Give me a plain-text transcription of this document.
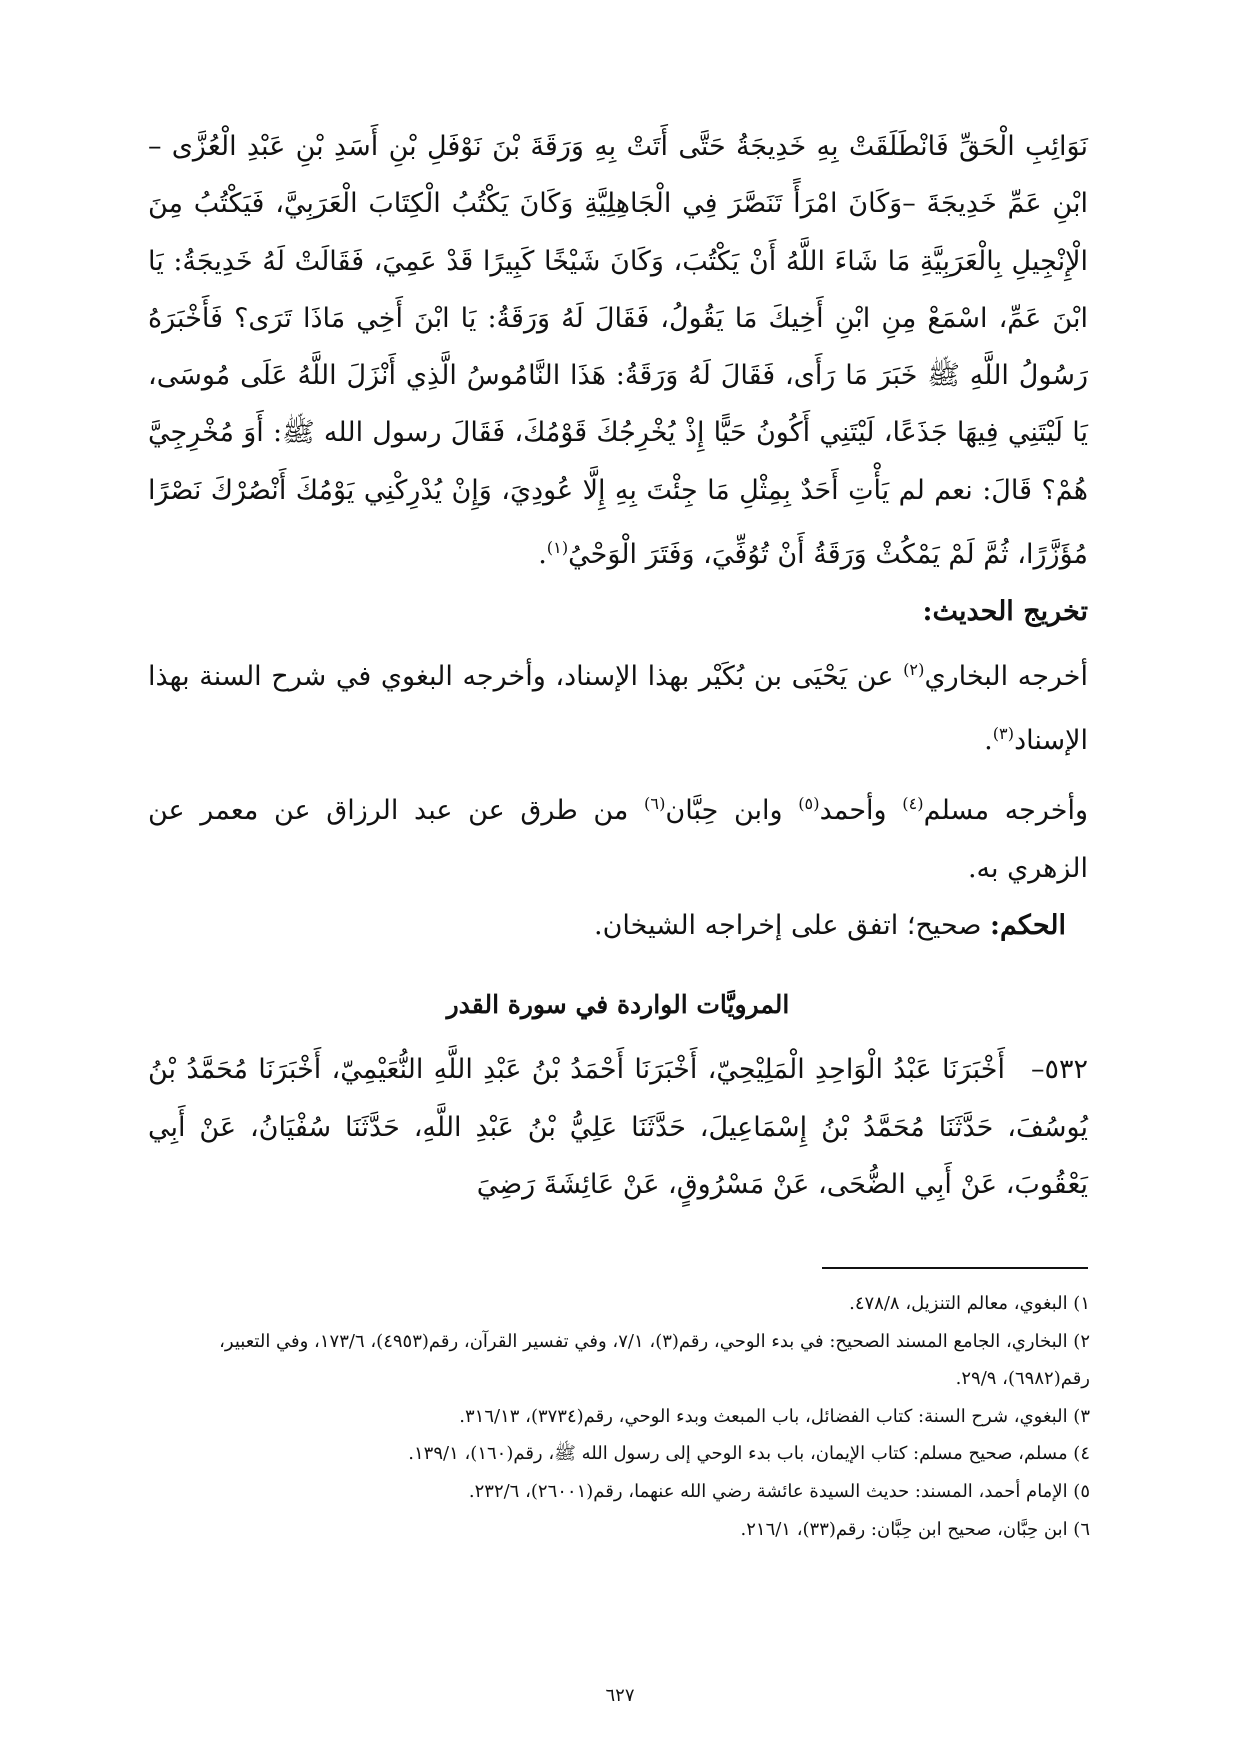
نَوَائِبِ الْحَقِّ فَانْطَلَقَتْ بِهِ خَدِيجَةُ حَتَّى أَتَتْ بِهِ وَرَقَةَ بْنَ نَوْفَلِ بْنِ أَسَدِ بْنِ عَبْدِ الْعُزَّى –ابْنِ عَمِّ خَدِيجَةَ –وَكَانَ امْرَأً تَنَصَّرَ فِي الْجَاهِلِيَّةِ وَكَانَ يَكْتُبُ الْكِتَابَ الْعَرَبِيَّ، فَيَكْتُبُ مِنَ الْإِنْجِيلِ بِالْعَرَبِيَّةِ مَا شَاءَ اللَّهُ أَنْ يَكْتُبَ، وَكَانَ شَيْخًا كَبِيرًا قَدْ عَمِيَ، فَقَالَتْ لَهُ خَدِيجَةُ: يَا ابْنَ عَمِّ، اسْمَعْ مِنِ ابْنِ أَخِيكَ مَا يَقُولُ، فَقَالَ لَهُ وَرَقَةُ: يَا ابْنَ أَخِي مَاذَا تَرَى؟ فَأَخْبَرَهُ رَسُولُ اللَّهِ ﷺ خَبَرَ مَا رَأَى، فَقَالَ لَهُ وَرَقَةُ: هَذَا النَّامُوسُ الَّذِي أَنْزَلَ اللَّهُ عَلَى مُوسَى، يَا لَيْتَنِي فِيهَا جَذَعًا، لَيْتَنِي أَكُونُ حَيًّا إِذْ يُخْرِجُكَ قَوْمُكَ، فَقَالَ رسول الله ﷺ: أَوَ مُخْرِجِيَّ هُمْ؟ قَالَ: نعم لم يَأْتِ أَحَدٌ بِمِثْلِ مَا جِئْتَ بِهِ إِلَّا عُودِيَ، وَإِنْ يُدْرِكْنِي يَوْمُكَ أَنْصُرْكَ نَصْرًا مُؤَزَّرًا، ثُمَّ لَمْ يَمْكُثْ وَرَقَةُ أَنْ تُوُفِّيَ، وَفَتَرَ الْوَحْيُ$^{(١)}$.

تخريج الحديث:

أخرجه البخاري$^{(٢)}$ عن يَحْيَى بن بُكَيْر بهذا الإسناد، وأخرجه البغوي في شرح السنة بهذا الإسناد$^{(٣)}$.

وأخرجه مسلم$^{(٤)}$ وأحمد$^{(٥)}$ وابن حِبَّان$^{(٦)}$ من طرق عن عبد الرزاق عن معمر عن الزهري به.

الحكم: صحيح؛ اتفق على إخراجه الشيخان.

المرويَّات الواردة في سورة القدر

٥٣٢–أَخْبَرَنَا عَبْدُ الْوَاحِدِ الْمَلِيْحِيّ، أَخْبَرَنَا أَحْمَدُ بْنُ عَبْدِ اللَّهِ النُّعَيْمِيّ، أَخْبَرَنَا مُحَمَّدُ بْنُ يُوسُفَ، حَدَّثَنَا مُحَمَّدُ بْنُ إِسْمَاعِيلَ، حَدَّثَنَا عَلِيُّ بْنُ عَبْدِ اللَّهِ، حَدَّثَنَا سُفْيَانُ، عَنْ أَبِي يَعْقُوبَ، عَنْ أَبِي الضُّحَى، عَنْ مَسْرُوقٍ، عَنْ عَائِشَةَ رَضِيَ

١) البغوي، معالم التنزيل، ٤٧٨/٨.

٢) البخاري، الجامع المسند الصحيح: في بدء الوحي، رقم(٣)، ٧/١، وفي تفسير القرآن، رقم(٤٩٥٣)، ١٧٣/٦، وفي التعبير، رقم(٦٩٨٢)، ٢٩/٩.

٣) البغوي، شرح السنة: كتاب الفضائل، باب المبعث وبدء الوحي، رقم(٣٧٣٤)، ٣١٦/١٣.

٤) مسلم، صحيح مسلم: كتاب الإيمان، باب بدء الوحي إلى رسول الله ﷺ، رقم(١٦٠)، ١٣٩/١.

٥) الإمام أحمد، المسند: حديث السيدة عائشة رضي الله عنهما، رقم(٢٦٠٠١)، ٢٣٢/٦.

٦) ابن حِبَّان، صحيح ابن حِبَّان: رقم(٣٣)، ٢١٦/١.

٦٢٧
